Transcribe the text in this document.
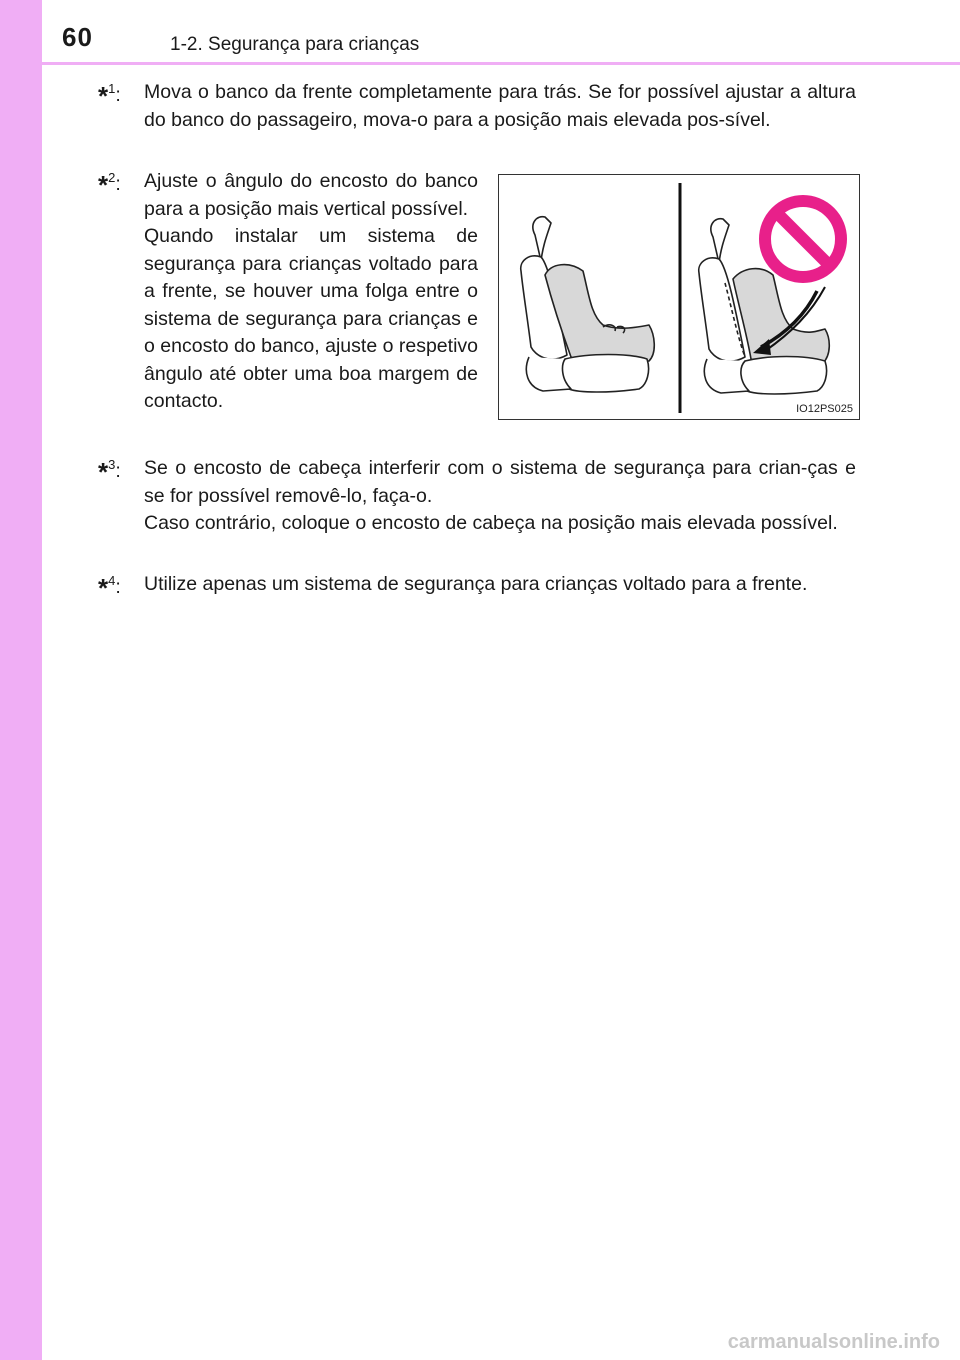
60	1-2. Segurança para crianças
*$^1$: Mova o banco da frente completamente para trás. Se for possível ajustar a altura do banco do passageiro, mova-o para a posição mais elevada pos-sível.

*$^2$: Ajuste o ângulo do encosto do banco para a posição mais vertical possível.

Quando instalar um sistema de segurança para crianças voltado para a frente, se houver uma folga entre o sistema de segurança para crianças e o encosto do banco, ajuste o respetivo ângulo até obter uma boa margem de contacto.	IO12PS025
*$^3$: Se o encosto de cabeça interferir com o sistema de segurança para crian-ças e se for possível removê-lo, faça-o.

Caso contrário, coloque o encosto de cabeça na posição mais elevada possível.

*$^4$: Utilize apenas um sistema de segurança para crianças voltado para a frente.

carmanualsonline.info
